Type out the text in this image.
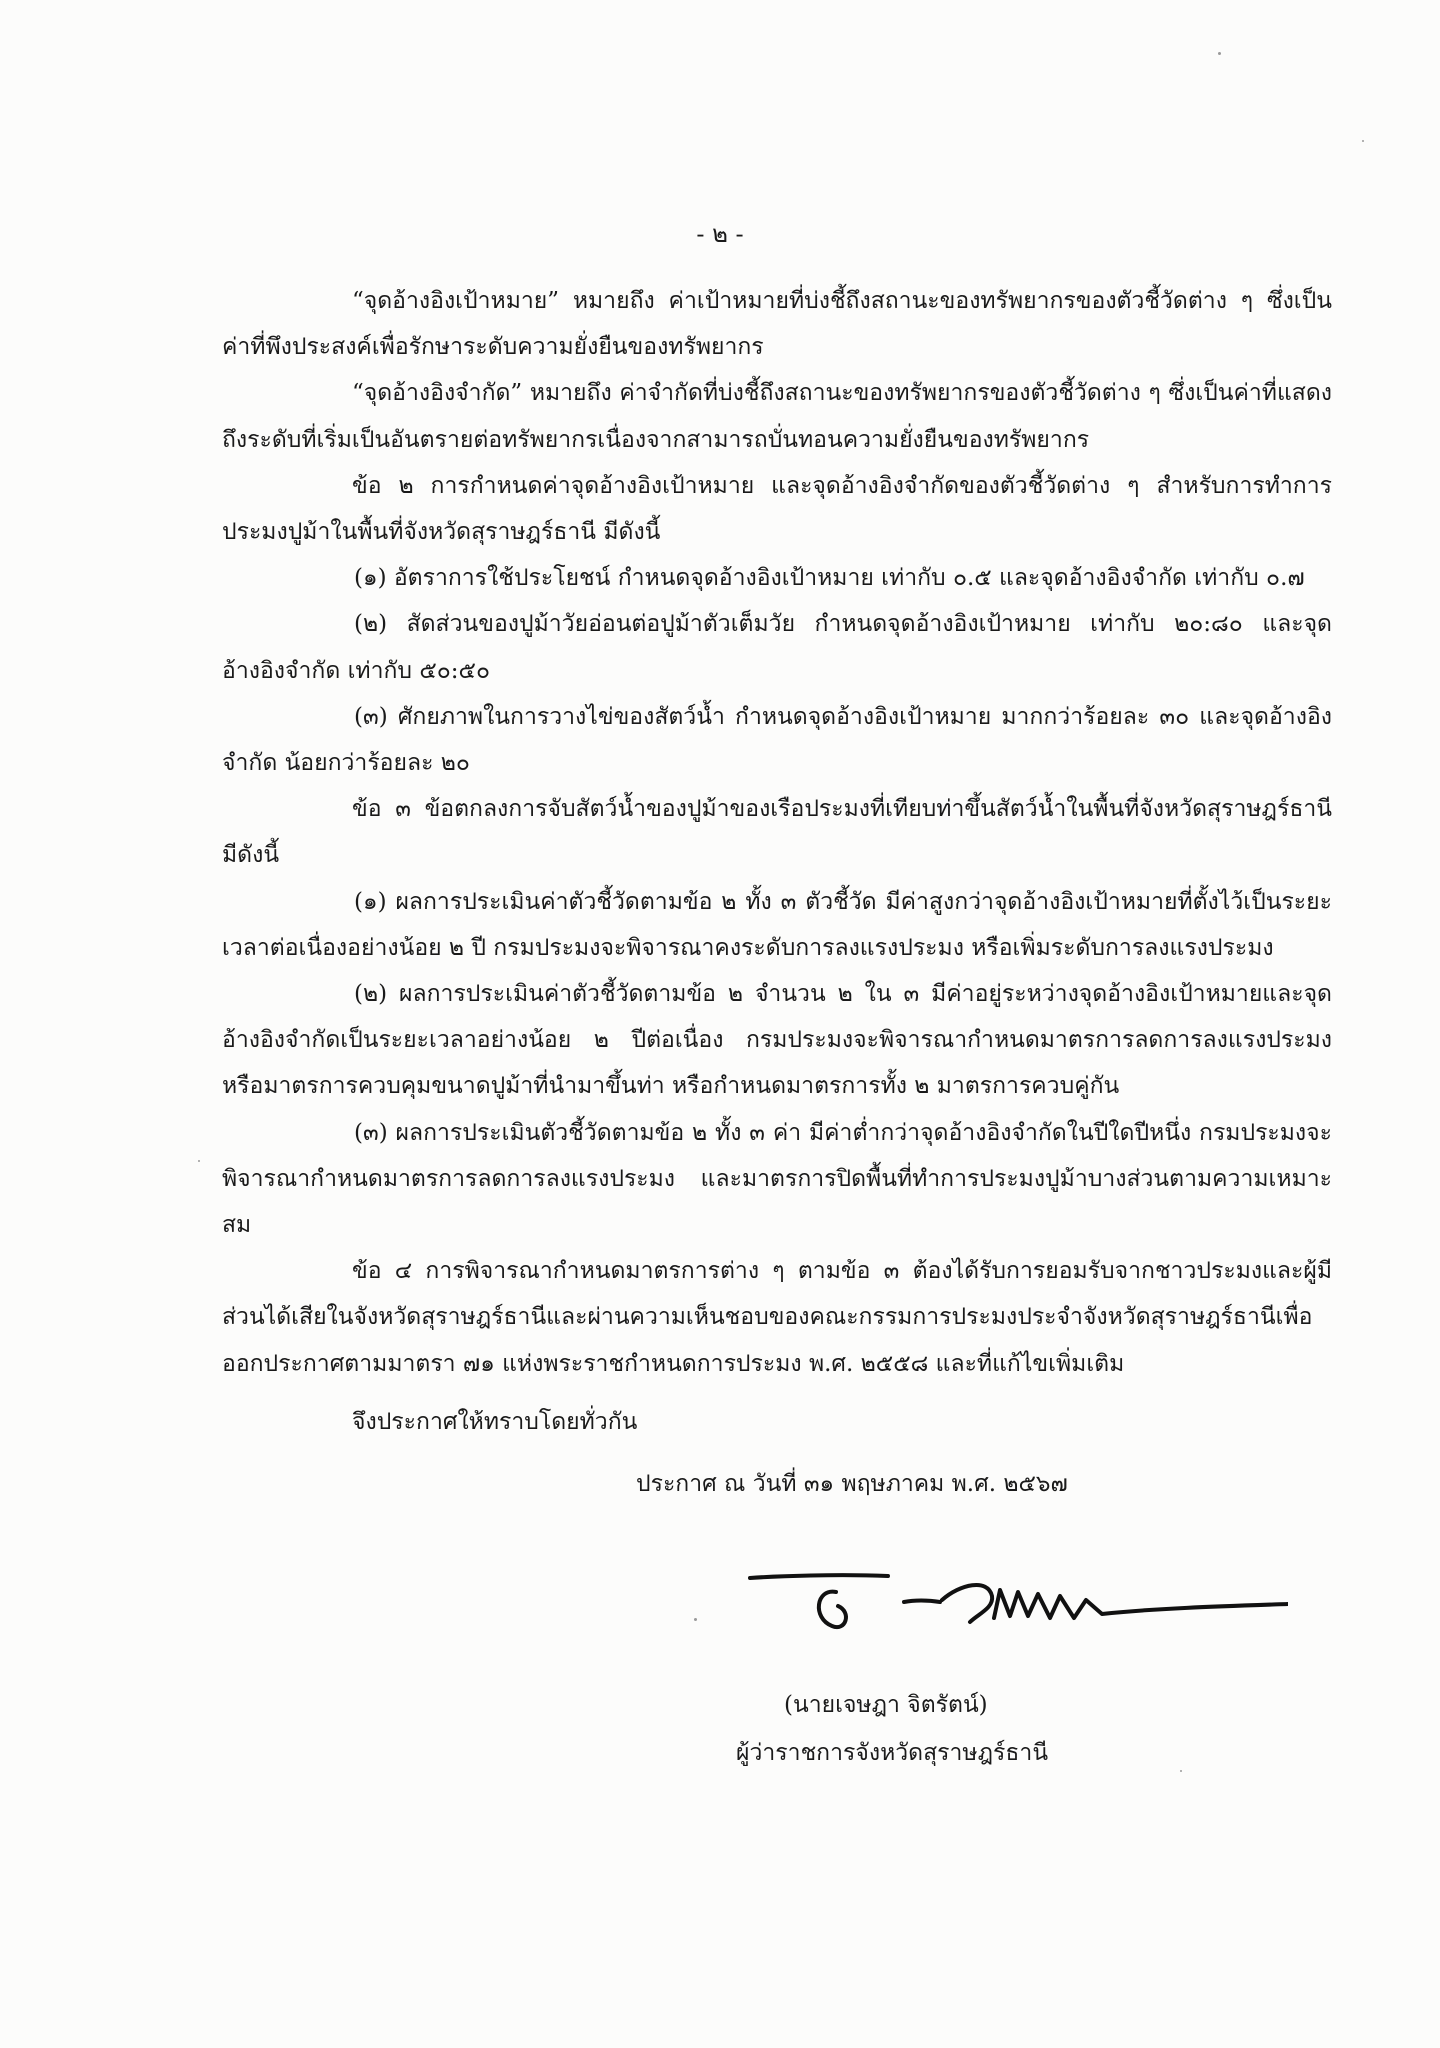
- ๒ -

“จุดอ้างอิงเป้าหมาย” หมายถึง ค่าเป้าหมายที่บ่งชี้ถึงสถานะของทรัพยากรของตัวชี้วัดต่าง ๆ ซึ่งเป็นค่าที่พึงประสงค์เพื่อรักษาระดับความยั่งยืนของทรัพยากร

“จุดอ้างอิงจำกัด” หมายถึง ค่าจำกัดที่บ่งชี้ถึงสถานะของทรัพยากรของตัวชี้วัดต่าง ๆ ซึ่งเป็นค่าที่แสดงถึงระดับที่เริ่มเป็นอันตรายต่อทรัพยากรเนื่องจากสามารถบั่นทอนความยั่งยืนของทรัพยากร

ข้อ ๒ การกำหนดค่าจุดอ้างอิงเป้าหมาย และจุดอ้างอิงจำกัดของตัวชี้วัดต่าง ๆ สำหรับการทำการประมงปูม้าในพื้นที่จังหวัดสุราษฎร์ธานี มีดังนี้

(๑) อัตราการใช้ประโยชน์ กำหนดจุดอ้างอิงเป้าหมาย เท่ากับ ๐.๕ และจุดอ้างอิงจำกัด เท่ากับ ๐.๗

(๒) สัดส่วนของปูม้าวัยอ่อนต่อปูม้าตัวเต็มวัย กำหนดจุดอ้างอิงเป้าหมาย เท่ากับ ๒๐:๘๐ และจุดอ้างอิงจำกัด เท่ากับ ๕๐:๕๐

(๓) ศักยภาพในการวางไข่ของสัตว์น้ำ กำหนดจุดอ้างอิงเป้าหมาย มากกว่าร้อยละ ๓๐ และจุดอ้างอิงจำกัด น้อยกว่าร้อยละ ๒๐

ข้อ ๓ ข้อตกลงการจับสัตว์น้ำของปูม้าของเรือประมงที่เทียบท่าขึ้นสัตว์น้ำในพื้นที่จังหวัดสุราษฎร์ธานี มีดังนี้

(๑) ผลการประเมินค่าตัวชี้วัดตามข้อ ๒ ทั้ง ๓ ตัวชี้วัด มีค่าสูงกว่าจุดอ้างอิงเป้าหมายที่ตั้งไว้เป็นระยะเวลาต่อเนื่องอย่างน้อย ๒ ปี กรมประมงจะพิจารณาคงระดับการลงแรงประมง หรือเพิ่มระดับการลงแรงประมง

(๒) ผลการประเมินค่าตัวชี้วัดตามข้อ ๒ จำนวน ๒ ใน ๓ มีค่าอยู่ระหว่างจุดอ้างอิงเป้าหมายและจุดอ้างอิงจำกัดเป็นระยะเวลาอย่างน้อย ๒ ปีต่อเนื่อง กรมประมงจะพิจารณากำหนดมาตรการลดการลงแรงประมง หรือมาตรการควบคุมขนาดปูม้าที่นำมาขึ้นท่า หรือกำหนดมาตรการทั้ง ๒ มาตรการควบคู่กัน

(๓) ผลการประเมินตัวชี้วัดตามข้อ ๒ ทั้ง ๓ ค่า มีค่าต่ำกว่าจุดอ้างอิงจำกัดในปีใดปีหนึ่ง กรมประมงจะพิจารณากำหนดมาตรการลดการลงแรงประมง และมาตรการปิดพื้นที่ทำการประมงปูม้าบางส่วนตามความเหมาะสม

ข้อ ๔ การพิจารณากำหนดมาตรการต่าง ๆ ตามข้อ ๓ ต้องได้รับการยอมรับจากชาวประมงและผู้มีส่วนได้เสียในจังหวัดสุราษฎร์ธานีและผ่านความเห็นชอบของคณะกรรมการประมงประจำจังหวัดสุราษฎร์ธานีเพื่อออกประกาศตามมาตรา ๗๑ แห่งพระราชกำหนดการประมง พ.ศ. ๒๕๕๘ และที่แก้ไขเพิ่มเติม

จึงประกาศให้ทราบโดยทั่วกัน

ประกาศ ณ วันที่ ๓๑ พฤษภาคม พ.ศ. ๒๕๖๗
(นายเจษฎา จิตรัตน์)
ผู้ว่าราชการจังหวัดสุราษฎร์ธานี
